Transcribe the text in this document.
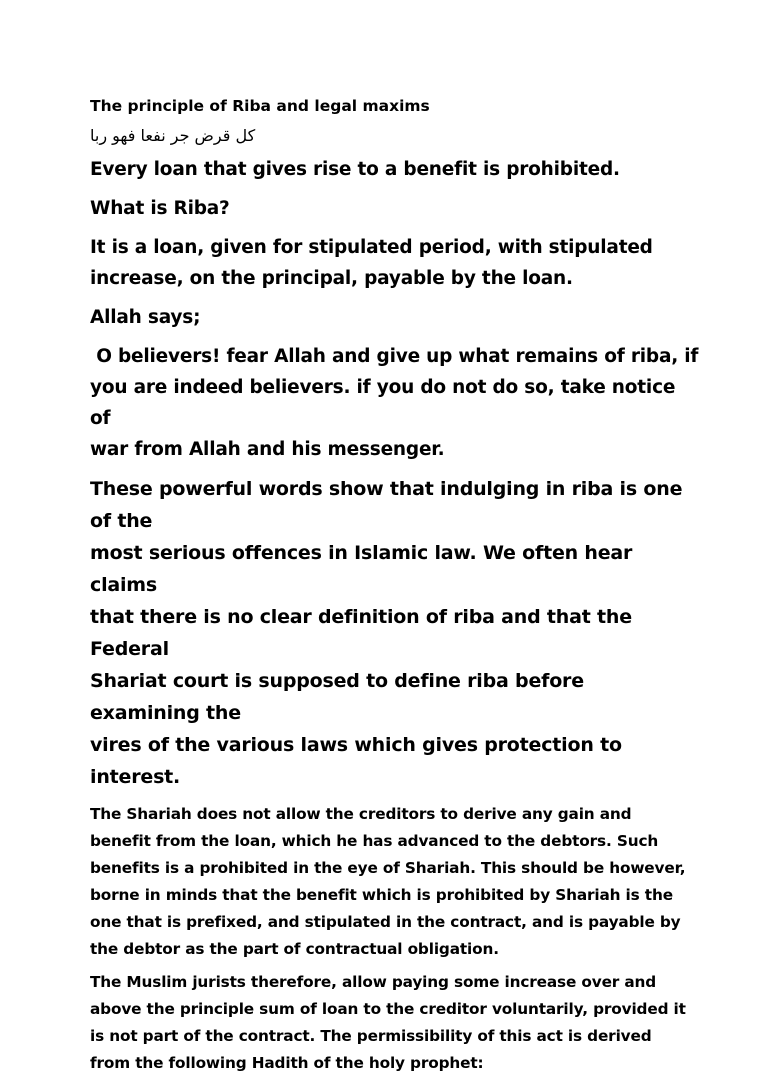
The principle of Riba and legal maxims
كل قرض جر نفعا فهو ربا
Every loan that gives rise to a benefit is prohibited.
What is Riba?
It is a loan, given for stipulated period, with stipulated
increase, on the principal, payable by the loan.
Allah says;
O believers! fear Allah and give up what remains of riba, if
you are indeed believers. if you do not do so, take notice of
war from Allah and his messenger.
These powerful words show that indulging in riba is one of the
most serious offences in Islamic law. We often hear claims
that there is no clear definition of riba and that the Federal
Shariat court is supposed to define riba before examining the
vires of the various laws which gives protection to interest.
The Shariah does not allow the creditors to derive any gain and
benefit from the loan, which he has advanced to the debtors. Such
benefits is a prohibited in the eye of Shariah. This should be however,
borne in minds that the benefit which is prohibited by Shariah is the
one that is prefixed, and stipulated in the contract, and is payable by
the debtor as the part of contractual obligation.
The Muslim jurists therefore, allow paying some increase over and
above the principle sum of loan to the creditor voluntarily, provided it
is not part of the contract. The permissibility of this act is derived
from the following Hadith of the holy prophet:
